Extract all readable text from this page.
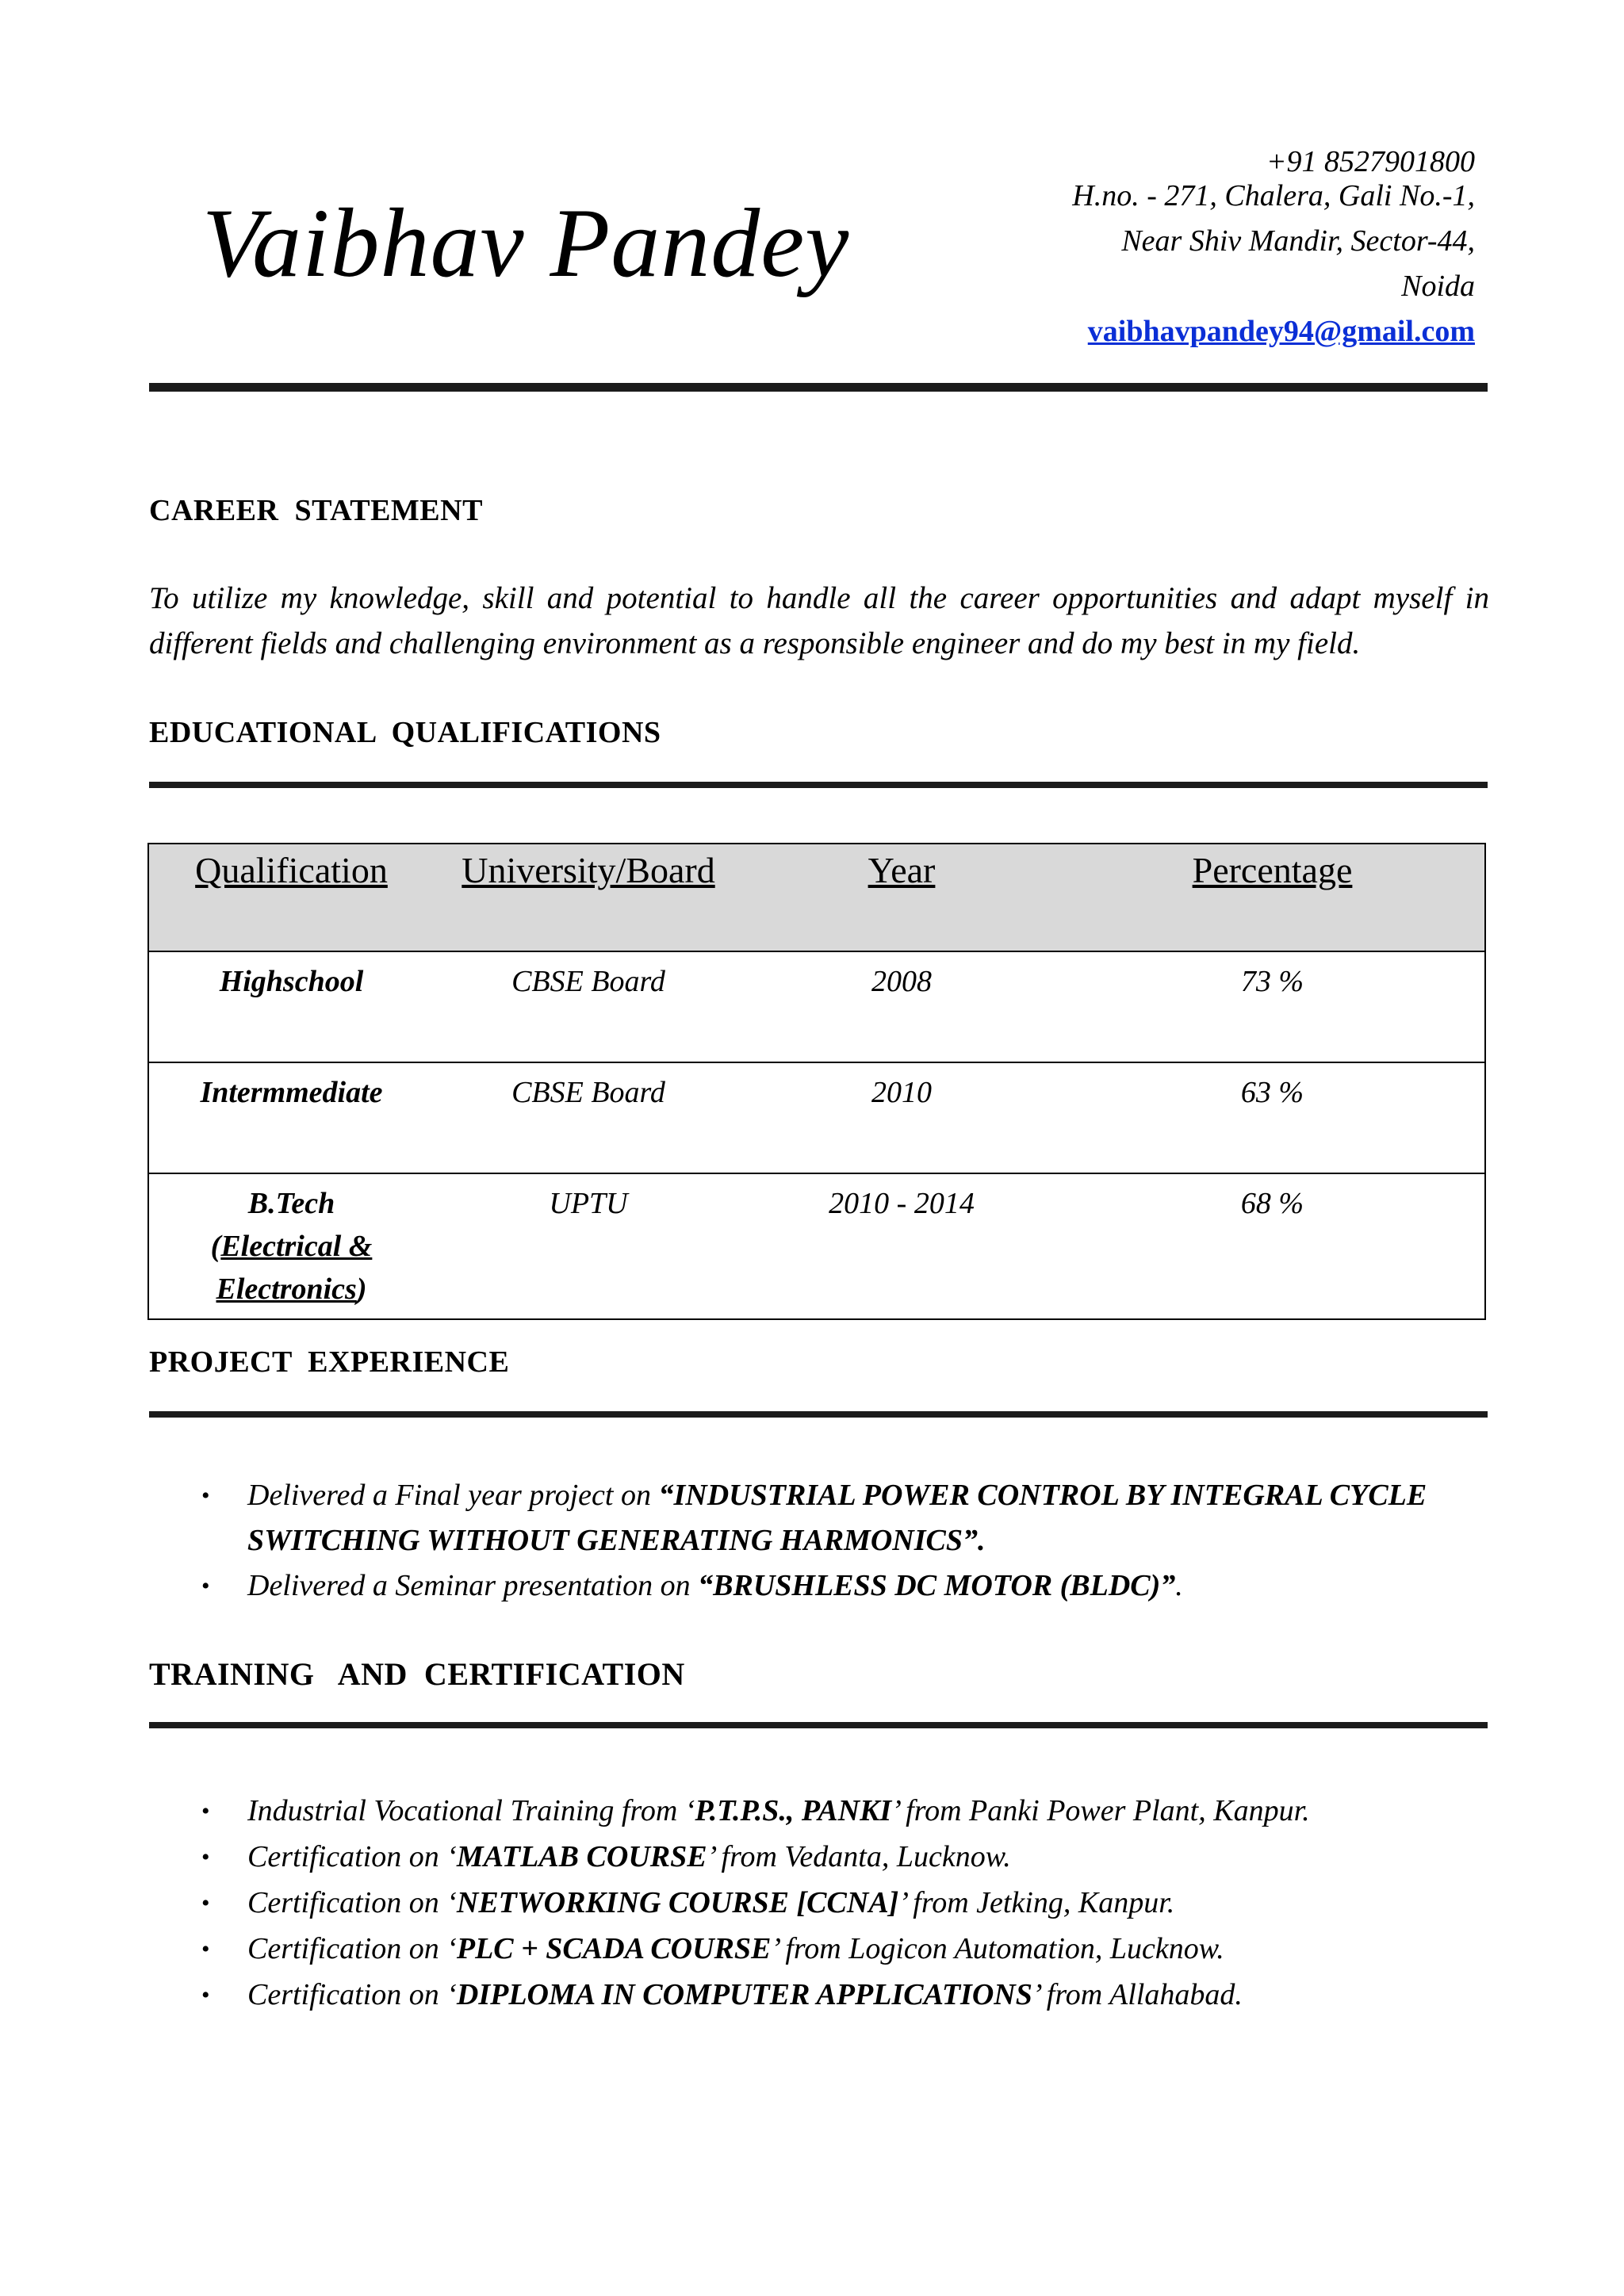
Vaibhav Pandey
+91 8527901800
H.no. - 271, Chalera, Gali No.-1,
Near Shiv Mandir, Sector-44,
Noida
vaibhavpandey94@gmail.com
CAREER  STATEMENT
To utilize my knowledge, skill and potential to handle all the career opportunities and adapt myself in different fields and challenging environment as a responsible engineer and do my best in my field.
EDUCATIONAL  QUALIFICATIONS
Qualification	University/Board	Year	Percentage
Highschool	CBSE Board	2008	73 %
Intermmediate	CBSE Board	2010	63 %
B.Tech
(Electrical &
Electronics)	UPTU	2010 - 2014	68 %
PROJECT  EXPERIENCE
• Delivered a Final year project on “INDUSTRIAL POWER CONTROL BY INTEGRAL CYCLE SWITCHING WITHOUT GENERATING HARMONICS”.
• Delivered a Seminar presentation on “BRUSHLESS DC MOTOR (BLDC)”.
TRAINING   AND  CERTIFICATION
• Industrial Vocational Training from ‘P.T.P.S., PANKI’ from Panki Power Plant, Kanpur.
• Certification on ‘MATLAB COURSE’ from Vedanta, Lucknow.
• Certification on ‘NETWORKING COURSE [CCNA]’ from Jetking, Kanpur.
• Certification on ‘PLC + SCADA COURSE’ from Logicon Automation, Lucknow.
• Certification on ‘DIPLOMA IN COMPUTER APPLICATIONS’ from Allahabad.
